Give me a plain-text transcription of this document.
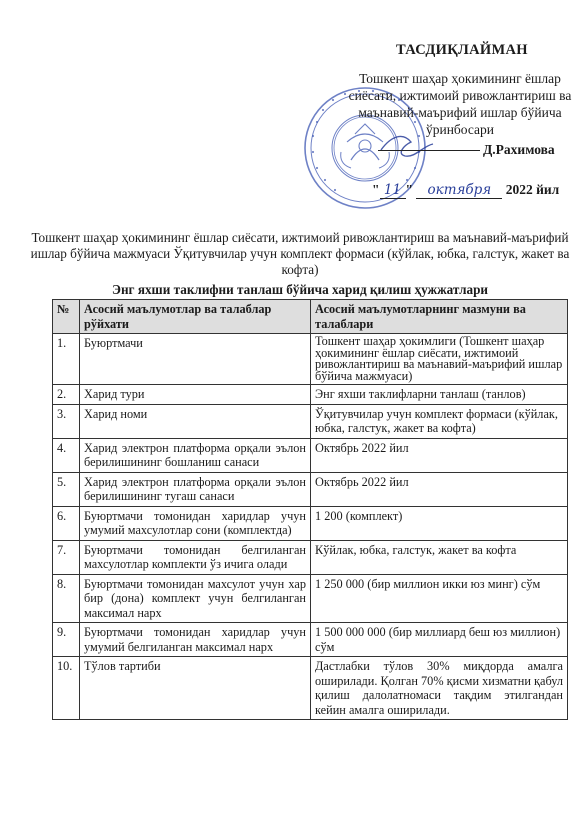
ТАСДИҚЛАЙМАН
Тошкент шаҳар ҳокимининг ёшлар сиёсати, ижтимоий ривожлантириш ва маънавий-маърифий ишлар бўйича ўринбосари
Д.Рахимова
" 11 " октября 2022 йил
Тошкент шаҳар ҳокимининг ёшлар сиёсати, ижтимоий ривожлантириш ва маънавий-маърифий ишлар бўйича мажмуаси Ўқитувчилар учун комплект формаси (кўйлак, юбка, галстук, жакет ва кофта)
Энг яхши таклифни танлаш бўйича харид қилиш ҳужжатлари
№	Асосий маълумотлар ва талаблар рўйхати	Асосий маълумотларнинг мазмуни ва талаблари
1.	Буюртмачи	Тошкент шаҳар ҳокимлиги (Тошкент шаҳар ҳокимининг ёшлар сиёсати, ижтимоий ривожлантириш ва маънавий-маърифий ишлар бўйича мажмуаси)
2.	Харид тури	Энг яхши таклифларни танлаш (танлов)
3.	Харид номи	Ўқитувчилар учун комплект формаси (кўйлак, юбка, галстук, жакет ва кофта)
4.	Харид электрон платформа орқали эълон берилишининг бошланиш санаси	Октябрь 2022 йил
5.	Харид электрон платформа орқали эълон берилишининг тугаш санаси	Октябрь 2022 йил
6.	Буюртмачи томонидан харидлар учун умумий махсулотлар сони (комплектда)	1 200 (комплект)
7.	Буюртмачи томонидан белгиланган махсулотлар комплекти ўз ичига олади	Кўйлак, юбка, галстук, жакет ва кофта
8.	Буюртмачи томонидан махсулот учун хар бир (дона) комплект учун белгиланган максимал нарх	1 250 000 (бир миллион икки юз минг) сўм
9.	Буюртмачи томонидан харидлар учун умумий белгиланган максимал нарх	1 500 000 000 (бир миллиард беш юз миллион) сўм
10.	Тўлов тартиби	Дастлабки тўлов 30% миқдорда амалга оширилади. Қолган 70% қисми хизматни қабул қилиш далолатномаси тақдим этилгандан кейин амалга оширилади.
